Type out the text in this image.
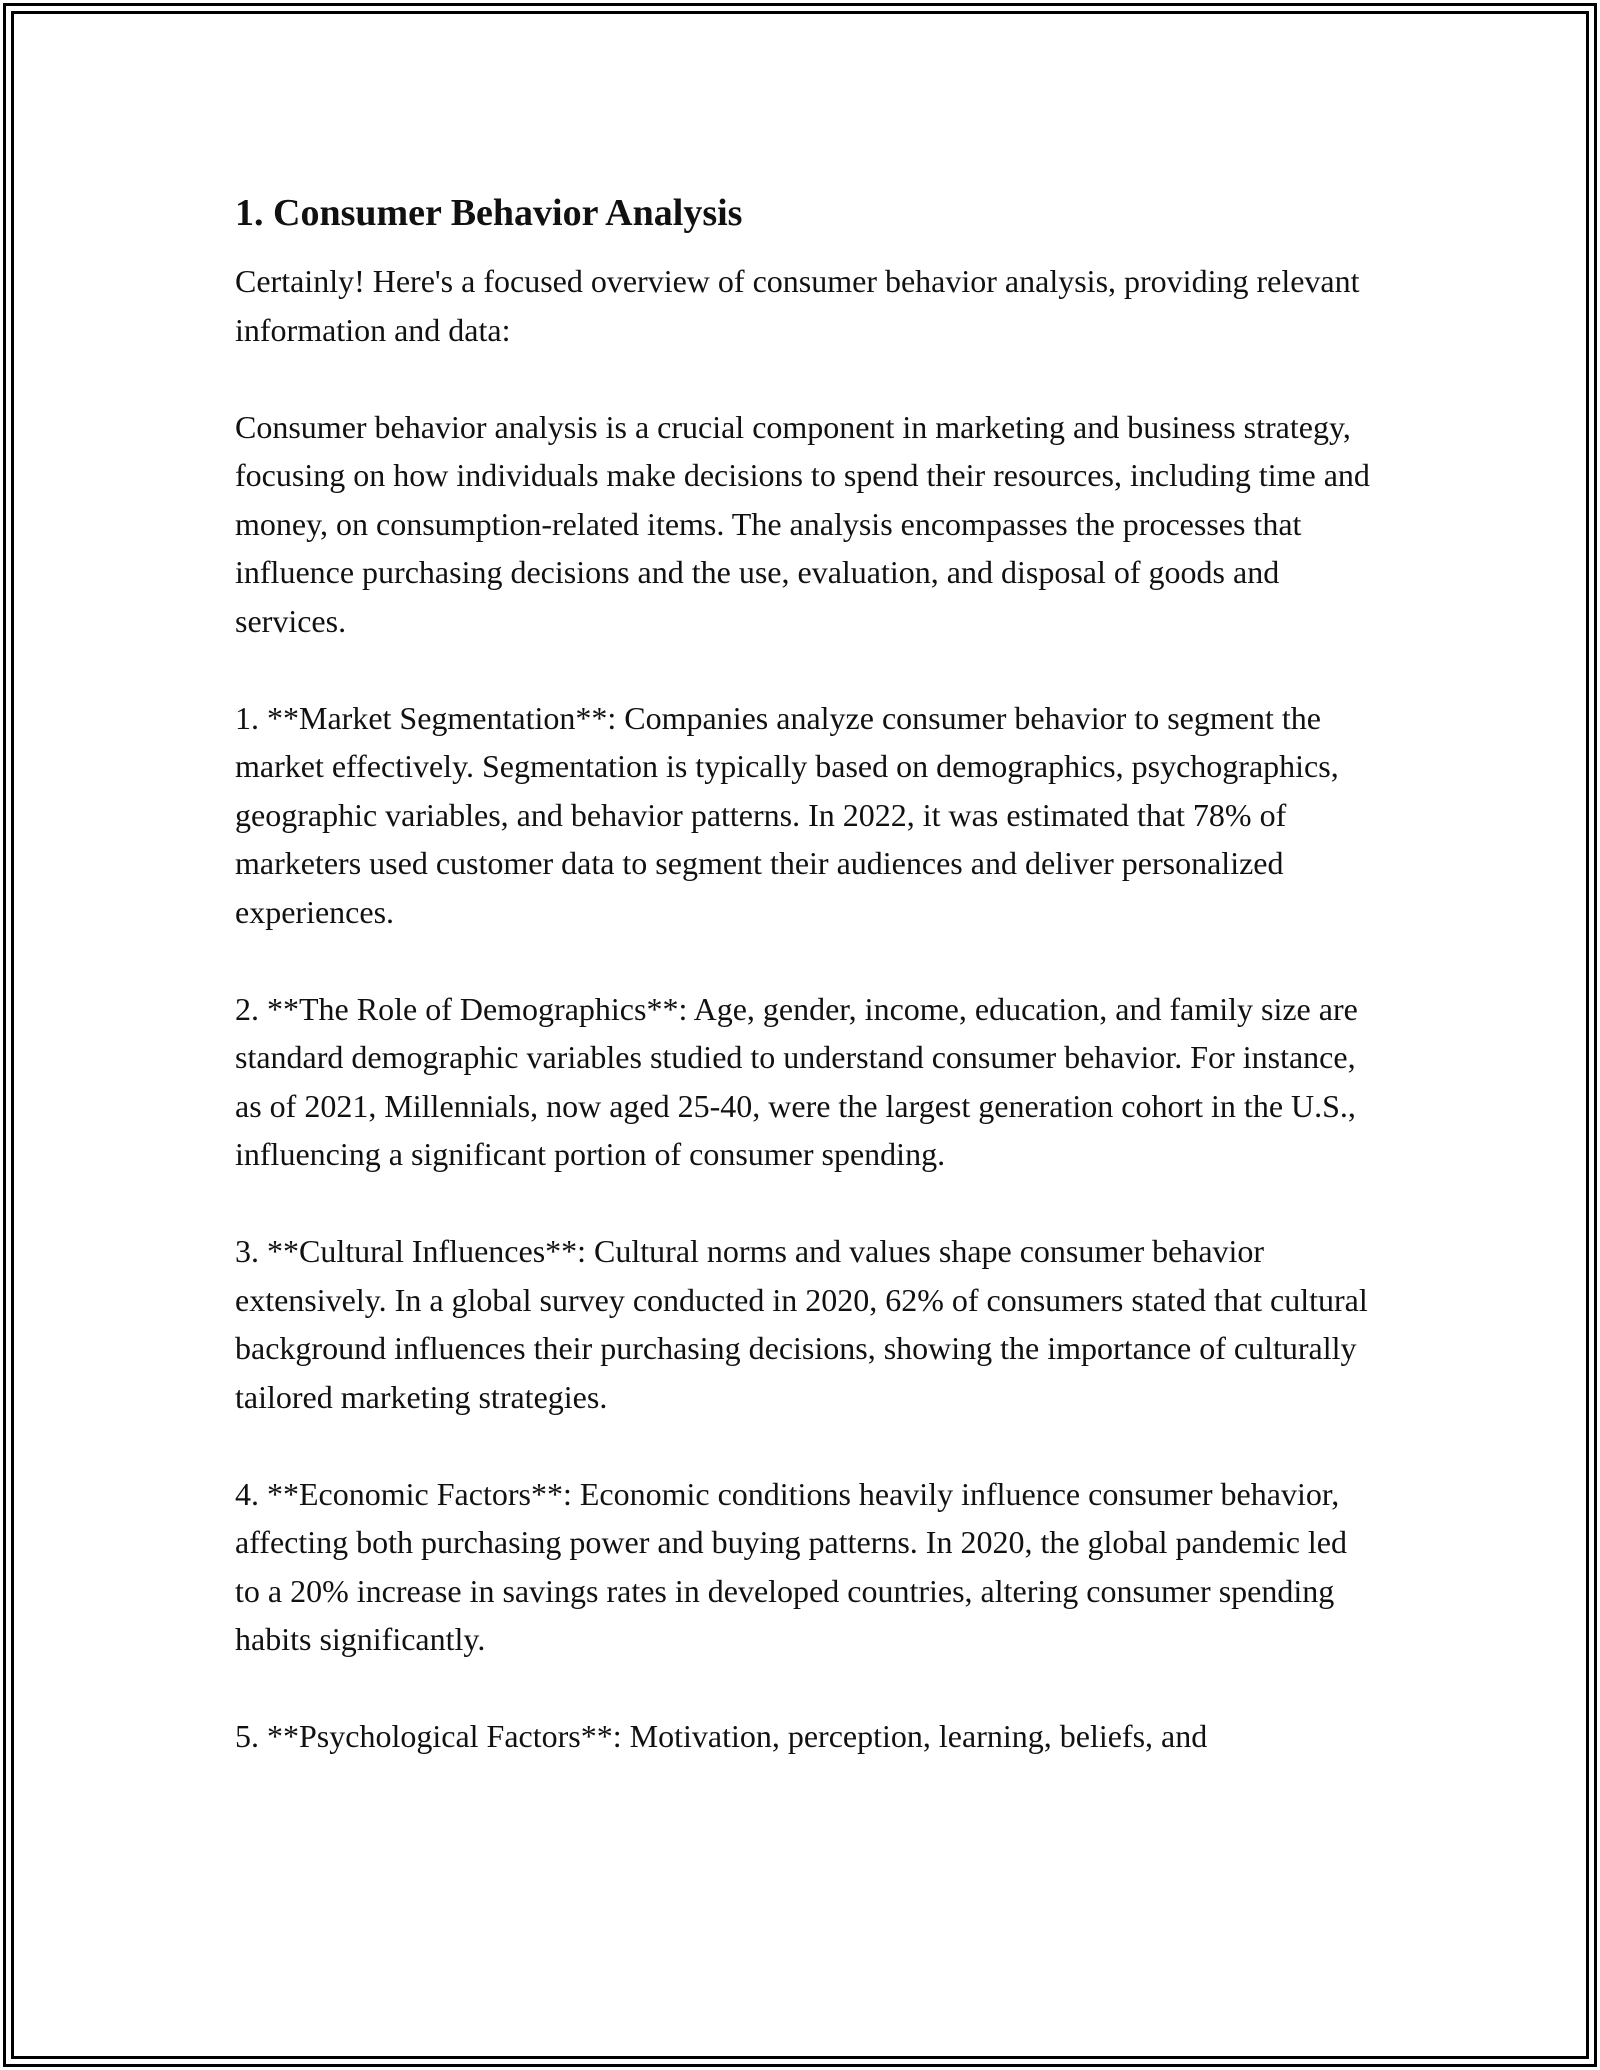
1. Consumer Behavior Analysis

Certainly! Here's a focused overview of consumer behavior analysis, providing relevant information and data:

Consumer behavior analysis is a crucial component in marketing and business strategy, focusing on how individuals make decisions to spend their resources, including time and money, on consumption-related items. The analysis encompasses the processes that influence purchasing decisions and the use, evaluation, and disposal of goods and services.

1. **Market Segmentation**: Companies analyze consumer behavior to segment the market effectively. Segmentation is typically based on demographics, psychographics, geographic variables, and behavior patterns. In 2022, it was estimated that 78% of marketers used customer data to segment their audiences and deliver personalized experiences.

2. **The Role of Demographics**: Age, gender, income, education, and family size are standard demographic variables studied to understand consumer behavior. For instance, as of 2021, Millennials, now aged 25-40, were the largest generation cohort in the U.S., influencing a significant portion of consumer spending.

3. **Cultural Influences**: Cultural norms and values shape consumer behavior extensively. In a global survey conducted in 2020, 62% of consumers stated that cultural background influences their purchasing decisions, showing the importance of culturally tailored marketing strategies.

4. **Economic Factors**: Economic conditions heavily influence consumer behavior, affecting both purchasing power and buying patterns. In 2020, the global pandemic led to a 20% increase in savings rates in developed countries, altering consumer spending habits significantly.

5. **Psychological Factors**: Motivation, perception, learning, beliefs, and
